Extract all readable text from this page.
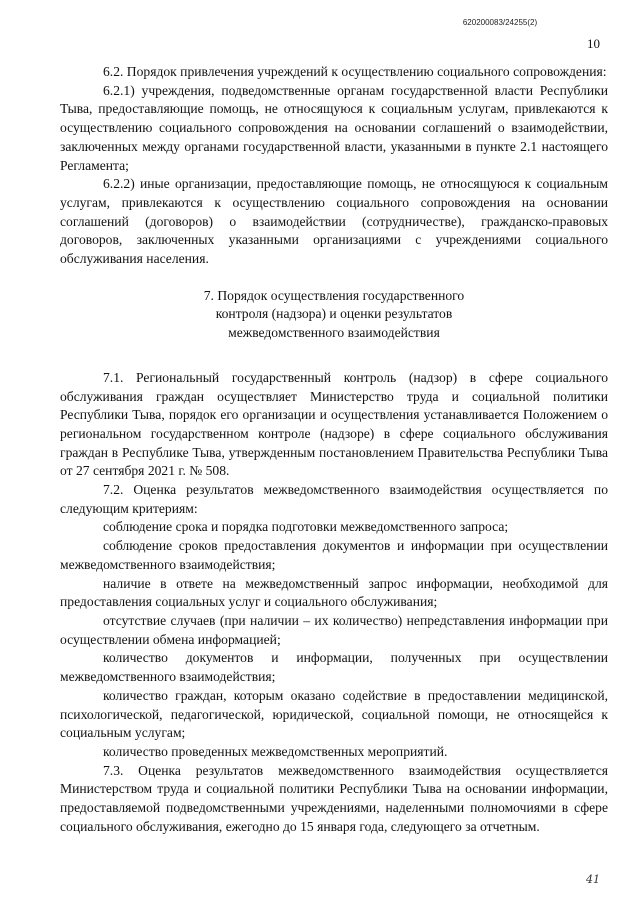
620200083/24255(2)
10

6.2. Порядок привлечения учреждений к осуществлению социального сопровождения:

6.2.1) учреждения, подведомственные органам государственной власти Республики Тыва, предоставляющие помощь, не относящуюся к социальным услугам, привлекаются к осуществлению социального сопровождения на основании соглашений о взаимодействии, заключенных между органами государственной власти, указанными в пункте 2.1 настоящего Регламента;

6.2.2) иные организации, предоставляющие помощь, не относящуюся к социальным услугам, привлекаются к осуществлению социального сопровождения на основании соглашений (договоров) о взаимодействии (сотрудничестве), гражданско-правовых договоров, заключенных указанными организациями с учреждениями социального обслуживания населения.

7. Порядок осуществления государственного
контроля (надзора) и оценки результатов
межведомственного взаимодействия

7.1. Региональный государственный контроль (надзор) в сфере социального обслуживания граждан осуществляет Министерство труда и социальной политики Республики Тыва, порядок его организации и осуществления устанавливается Положением о региональном государственном контроле (надзоре) в сфере социального обслуживания граждан в Республике Тыва, утвержденным постановлением Правительства Республики Тыва от 27 сентября 2021 г. № 508.

7.2. Оценка результатов межведомственного взаимодействия осуществляется по следующим критериям:

соблюдение срока и порядка подготовки межведомственного запроса;

соблюдение сроков предоставления документов и информации при осуществлении межведомственного взаимодействия;

наличие в ответе на межведомственный запрос информации, необходимой для предоставления социальных услуг и социального обслуживания;

отсутствие случаев (при наличии – их количество) непредставления информации при осуществлении обмена информацией;

количество документов и информации, полученных при осуществлении межведомственного взаимодействия;

количество граждан, которым оказано содействие в предоставлении медицинской, психологической, педагогической, юридической, социальной помощи, не относящейся к социальным услугам;

количество проведенных межведомственных мероприятий.

7.3. Оценка результатов межведомственного взаимодействия осуществляется Министерством труда и социальной политики Республики Тыва на основании информации, предоставляемой подведомственными учреждениями, наделенными полномочиями в сфере социального обслуживания, ежегодно до 15 января года, следующего за отчетным.

41
